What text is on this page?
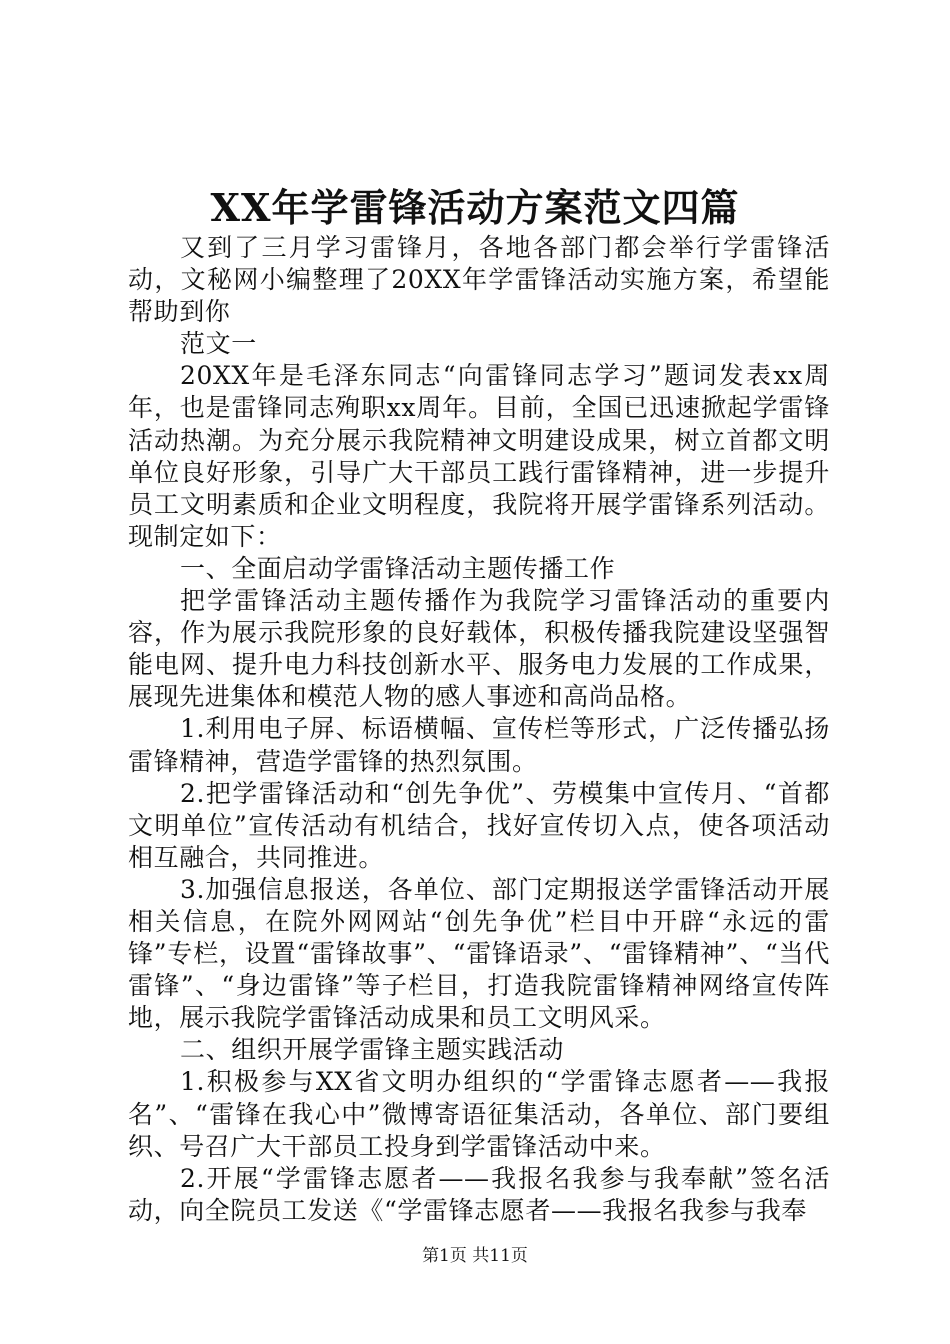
XX年学雷锋活动方案范文四篇

又到了三月学习雷锋月，各地各部门都会举行学雷锋活动，文秘网小编整理了20XX年学雷锋活动实施方案，希望能帮助到你

范文一

20XX年是毛泽东同志“向雷锋同志学习”题词发表xx周年，也是雷锋同志殉职xx周年。目前，全国已迅速掀起学雷锋活动热潮。为充分展示我院精神文明建设成果，树立首都文明单位良好形象，引导广大干部员工践行雷锋精神，进一步提升员工文明素质和企业文明程度，我院将开展学雷锋系列活动。现制定如下：

一、全面启动学雷锋活动主题传播工作

把学雷锋活动主题传播作为我院学习雷锋活动的重要内容，作为展示我院形象的良好载体，积极传播我院建设坚强智能电网、提升电力科技创新水平、服务电力发展的工作成果，展现先进集体和模范人物的感人事迹和高尚品格。

1.利用电子屏、标语横幅、宣传栏等形式，广泛传播弘扬雷锋精神，营造学雷锋的热烈氛围。

2.把学雷锋活动和“创先争优”、劳模集中宣传月、“首都文明单位”宣传活动有机结合，找好宣传切入点，使各项活动相互融合，共同推进。

3.加强信息报送，各单位、部门定期报送学雷锋活动开展相关信息，在院外网网站“创先争优”栏目中开辟“永远的雷锋”专栏，设置“雷锋故事”、“雷锋语录”、“雷锋精神”、“当代雷锋”、“身边雷锋”等子栏目，打造我院雷锋精神网络宣传阵地，展示我院学雷锋活动成果和员工文明风采。

二、组织开展学雷锋主题实践活动

1.积极参与XX省文明办组织的“学雷锋志愿者——我报名”、“雷锋在我心中”微博寄语征集活动，各单位、部门要组织、号召广大干部员工投身到学雷锋活动中来。

2.开展“学雷锋志愿者——我报名我参与我奉献”签名活动，向全院员工发送《“学雷锋志愿者——我报名我参与我奉

第1页 共11页
